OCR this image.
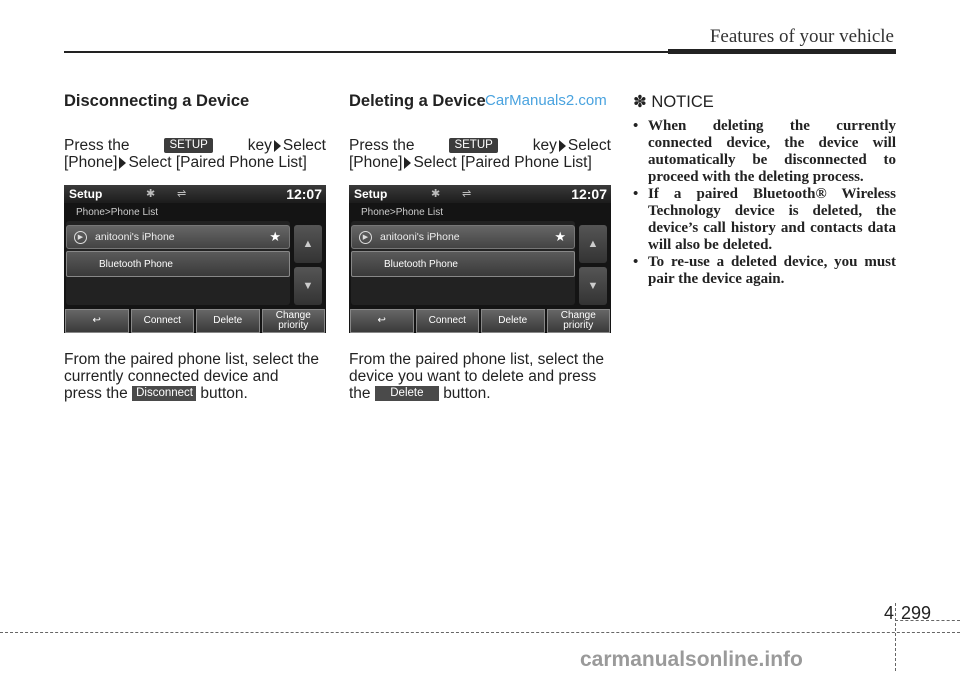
Features of your vehicle
Disconnecting a Device
Press the	SETUP	key Select
[Phone] Select [Paired Phone List]
Setup	✱ ⇌	12:07
Phone>Phone List
▶	anitooni's iPhone	★
Bluetooth Phone
▲
▼
↩	Connect	Delete	Change priority
From the paired phone list, select the
currently connected device and
press the Disconnect button.
Deleting a Device
Press the	SETUP	key Select
[Phone] Select [Paired Phone List]
Setup	✱ ⇌	12:07
Phone>Phone List
▶	anitooni's iPhone	★
Bluetooth Phone
▲
▼
↩	Connect	Delete	Change priority
From the paired phone list, select the
device you want to delete and press
the Delete button.
CarManuals2.com ✽ NOTICE
• When deleting the currently connected device, the device will automatically be disconnected to proceed with the deleting process.
• If a paired Bluetooth® Wireless Technology device is deleted, the device’s call history and contacts data will also be deleted.
• To re-use a deleted device, you must pair the device again.
4 299
carmanualsonline.info
